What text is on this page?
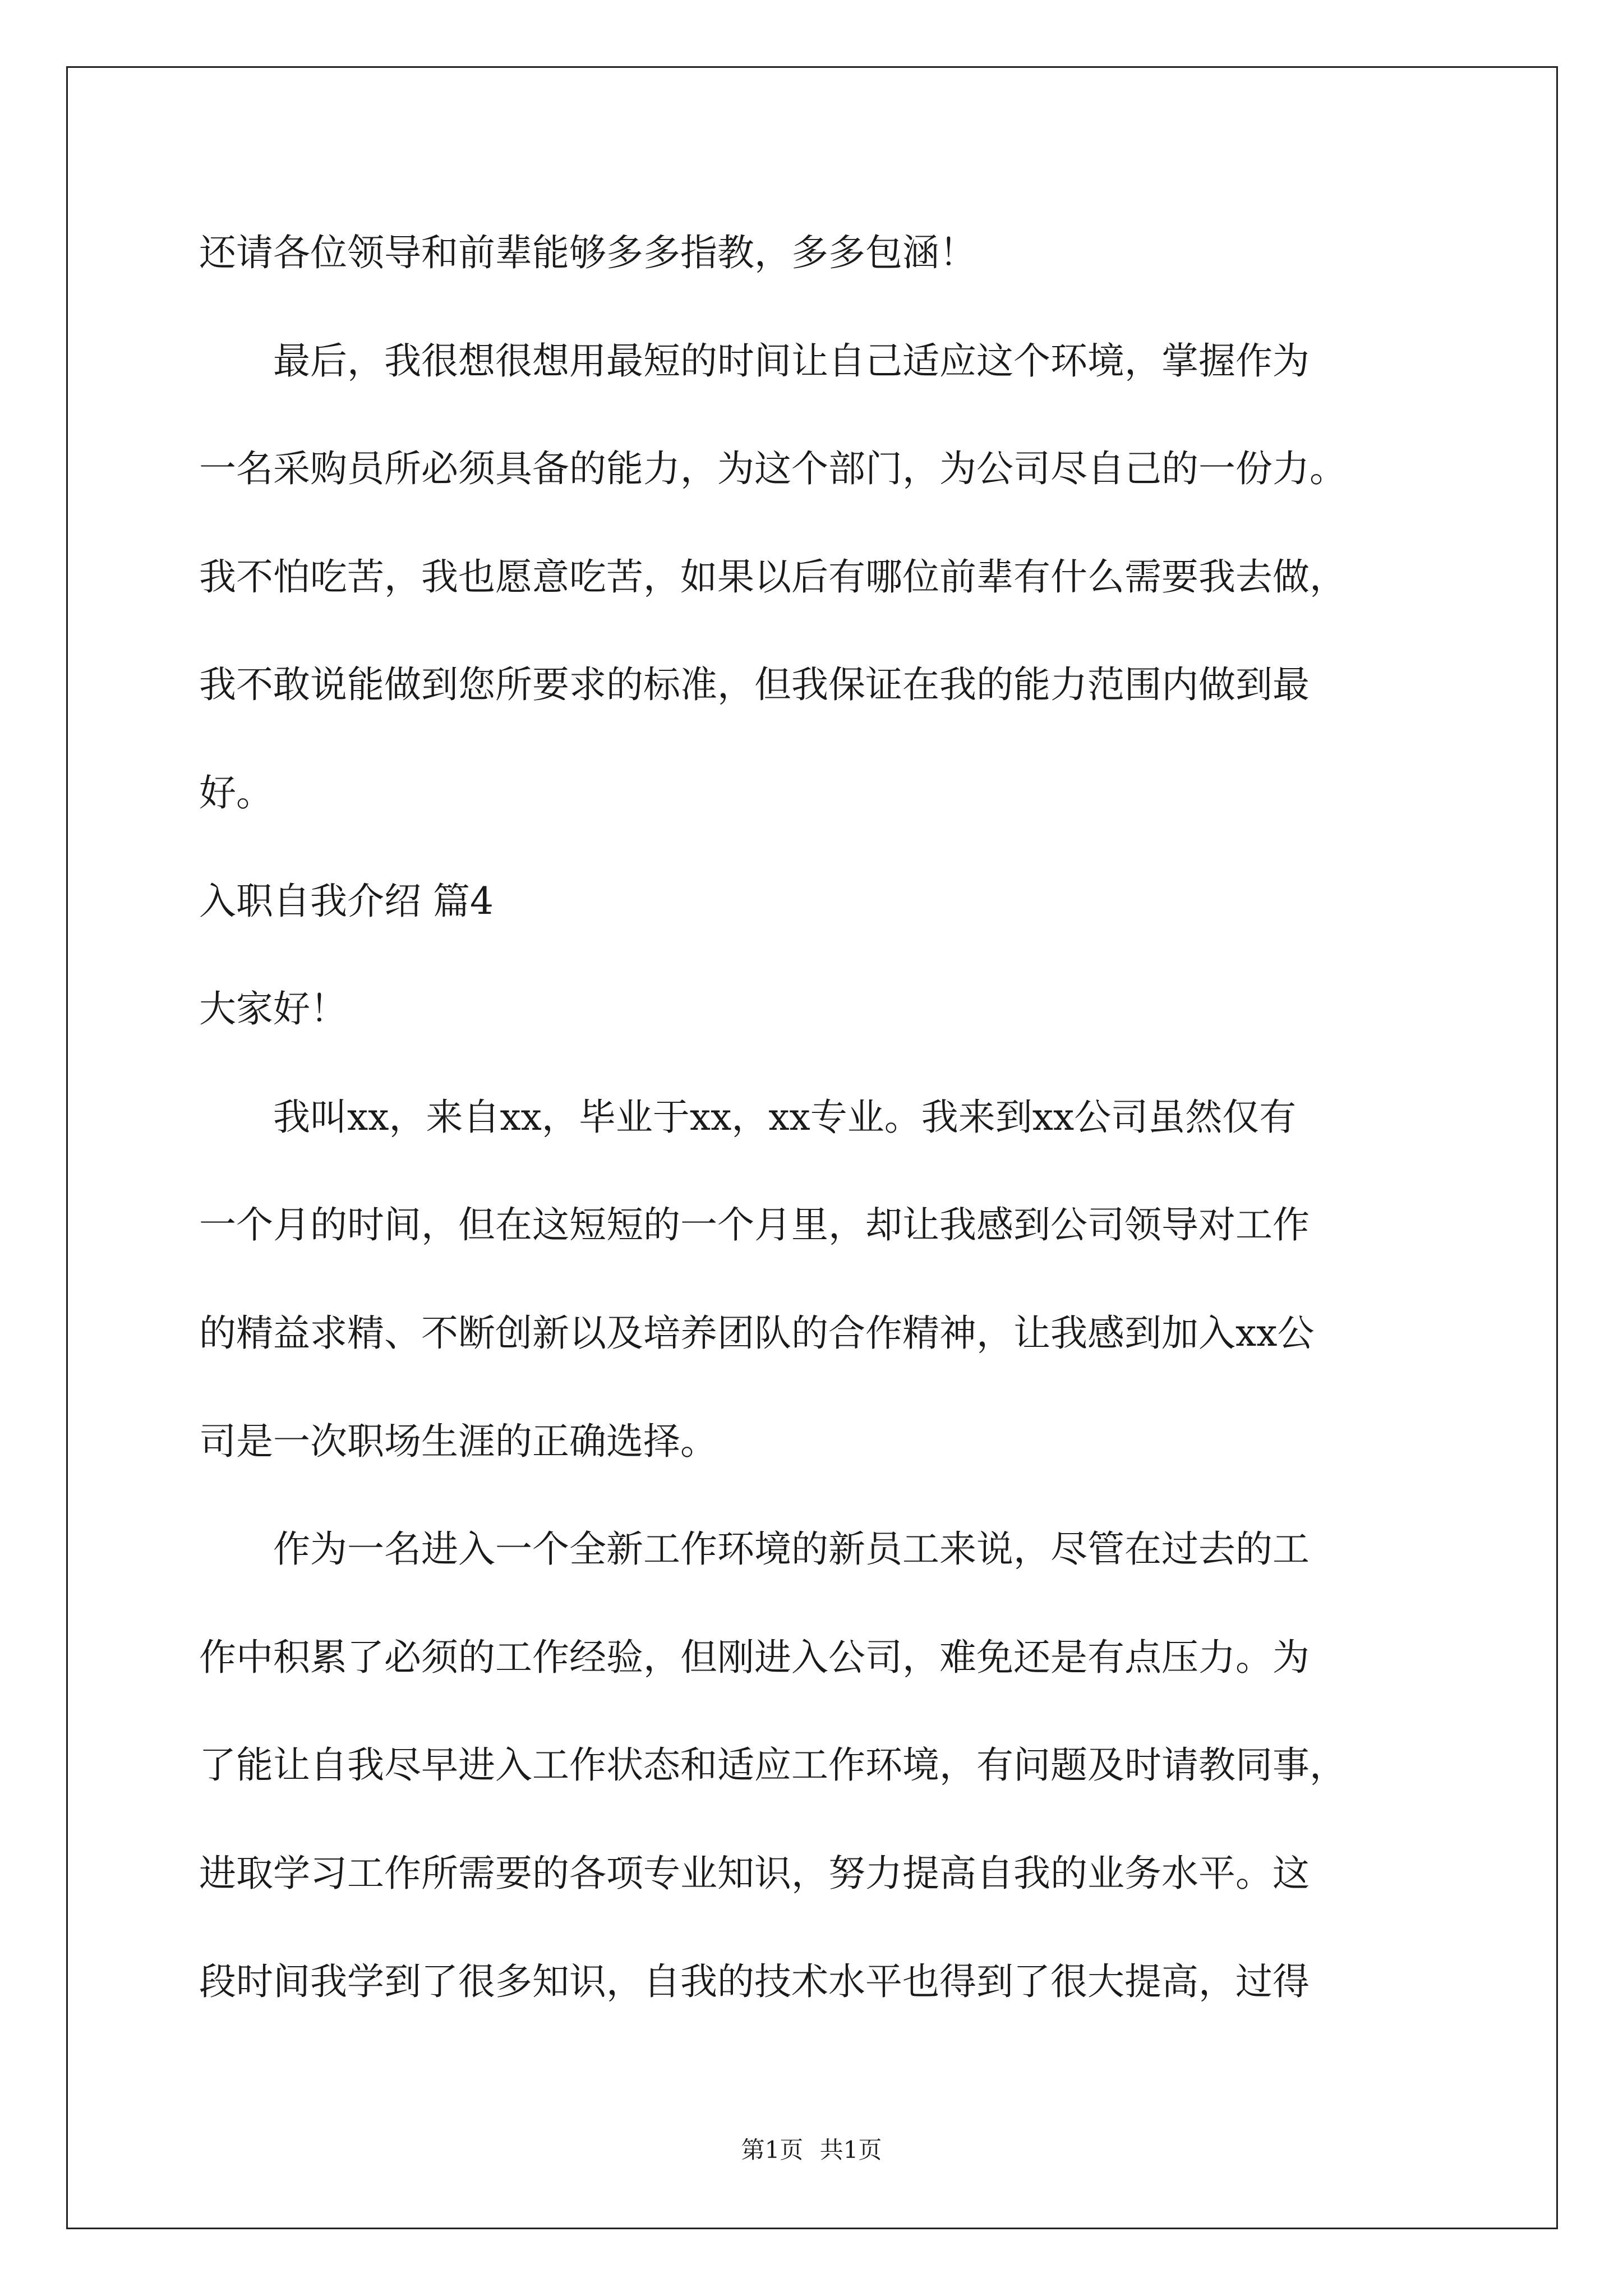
还请各位领导和前辈能够多多指教，多多包涵！
　　最后，我很想很想用最短的时间让自己适应这个环境，掌握作为
一名采购员所必须具备的能力，为这个部门，为公司尽自己的一份力。
我不怕吃苦，我也愿意吃苦，如果以后有哪位前辈有什么需要我去做，
我不敢说能做到您所要求的标准，但我保证在我的能力范围内做到最
好。
入职自我介绍 篇4
大家好！
　　我叫xx，来自xx，毕业于xx，xx专业。我来到xx公司虽然仅有
一个月的时间，但在这短短的一个月里，却让我感到公司领导对工作
的精益求精、不断创新以及培养团队的合作精神，让我感到加入xx公
司是一次职场生涯的正确选择。
　　作为一名进入一个全新工作环境的新员工来说，尽管在过去的工
作中积累了必须的工作经验，但刚进入公司，难免还是有点压力。为
了能让自我尽早进入工作状态和适应工作环境，有问题及时请教同事，
进取学习工作所需要的各项专业知识，努力提高自我的业务水平。这
段时间我学到了很多知识，自我的技术水平也得到了很大提高，过得
第1页 共1页
